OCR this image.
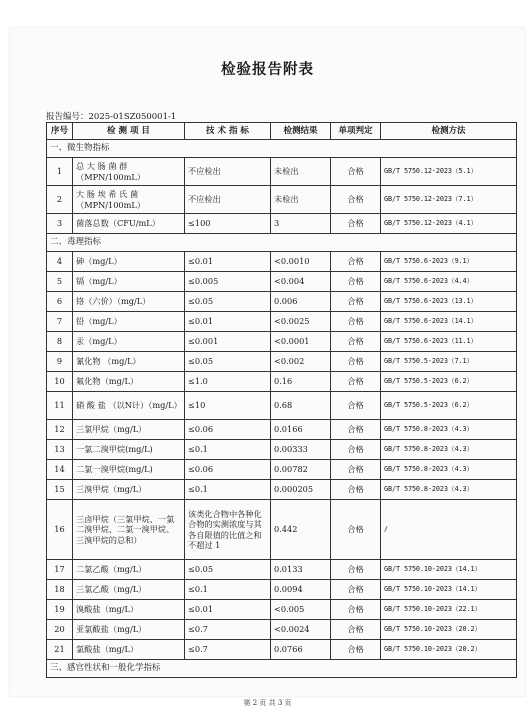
检验报告附表
报告编号：2025-01SZ050001-1
序号	检 测 项 目	技 术 指 标	检测结果	单项判定	检测方法
一、微生物指标					
1	总 大 肠 菌 群（MPN/100mL）	不应检出	未检出	合格	GB/T 5750.12-2023（5.1）
2	大 肠 埃 希 氏 菌（MPN/100mL）	不应检出	未检出	合格	GB/T 5750.12-2023（7.1）
3	菌落总数（CFU/mL）	≤100	3	合格	GB/T 5750.12-2023（4.1）
二、毒理指标					
4	砷（mg/L）	≤0.01	<0.0010	合格	GB/T 5750.6-2023（9.1）
5	镉（mg/L）	≤0.005	<0.004	合格	GB/T 5750.6-2023（4.4）
6	铬（六价）（mg/L）	≤0.05	0.006	合格	GB/T 5750.6-2023（13.1）
7	铅（mg/L）	≤0.01	<0.0025	合格	GB/T 5750.6-2023（14.1）
8	汞（mg/L）	≤0.001	<0.0001	合格	GB/T 5750.6-2023（11.1）
9	氰化物 （mg/L）	≤0.05	<0.002	合格	GB/T 5750.5-2023（7.1）
10	氟化物（mg/L）	≤1.0	0.16	合格	GB/T 5750.5-2023（6.2）
11	硝 酸 盐 （以N计）（mg/L）	≤10	0.68	合格	GB/T 5750.5-2023（6.2）
12	三氯甲烷（mg/L）	≤0.06	0.0166	合格	GB/T 5750.8-2023（4.3）
13	一氯二溴甲烷(mg/L)	≤0.1	0.00333	合格	GB/T 5750.8-2023（4.3）
14	二氯一溴甲烷(mg/L)	≤0.06	0.00782	合格	GB/T 5750.8-2023（4.3）
15	三溴甲烷（mg/L）	≤0.1	0.000205	合格	GB/T 5750.8-2023（4.3）
16	三卤甲烷（三氯甲烷、一氯二溴甲烷、二氯一溴甲烷、三溴甲烷的总和）	该类化合物中各种化合物的实测浓度与其各自限值的比值之和不超过 1	0.442	合格	/
17	二氯乙酸（mg/L）	≤0.05	0.0133	合格	GB/T 5750.10-2023（14.1）
18	三氯乙酸（mg/L）	≤0.1	0.0094	合格	GB/T 5750.10-2023（14.1）
19	溴酸盐（mg/L）	≤0.01	<0.005	合格	GB/T 5750.10-2023（22.1）
20	亚氯酸盐（mg/L）	≤0.7	<0.0024	合格	GB/T 5750.10-2023（20.2）
21	氯酸盐（mg/L）	≤0.7	0.0766	合格	GB/T 5750.10-2023（20.2）
三、感官性状和一般化学指标					
第 2 页 共 3 页
